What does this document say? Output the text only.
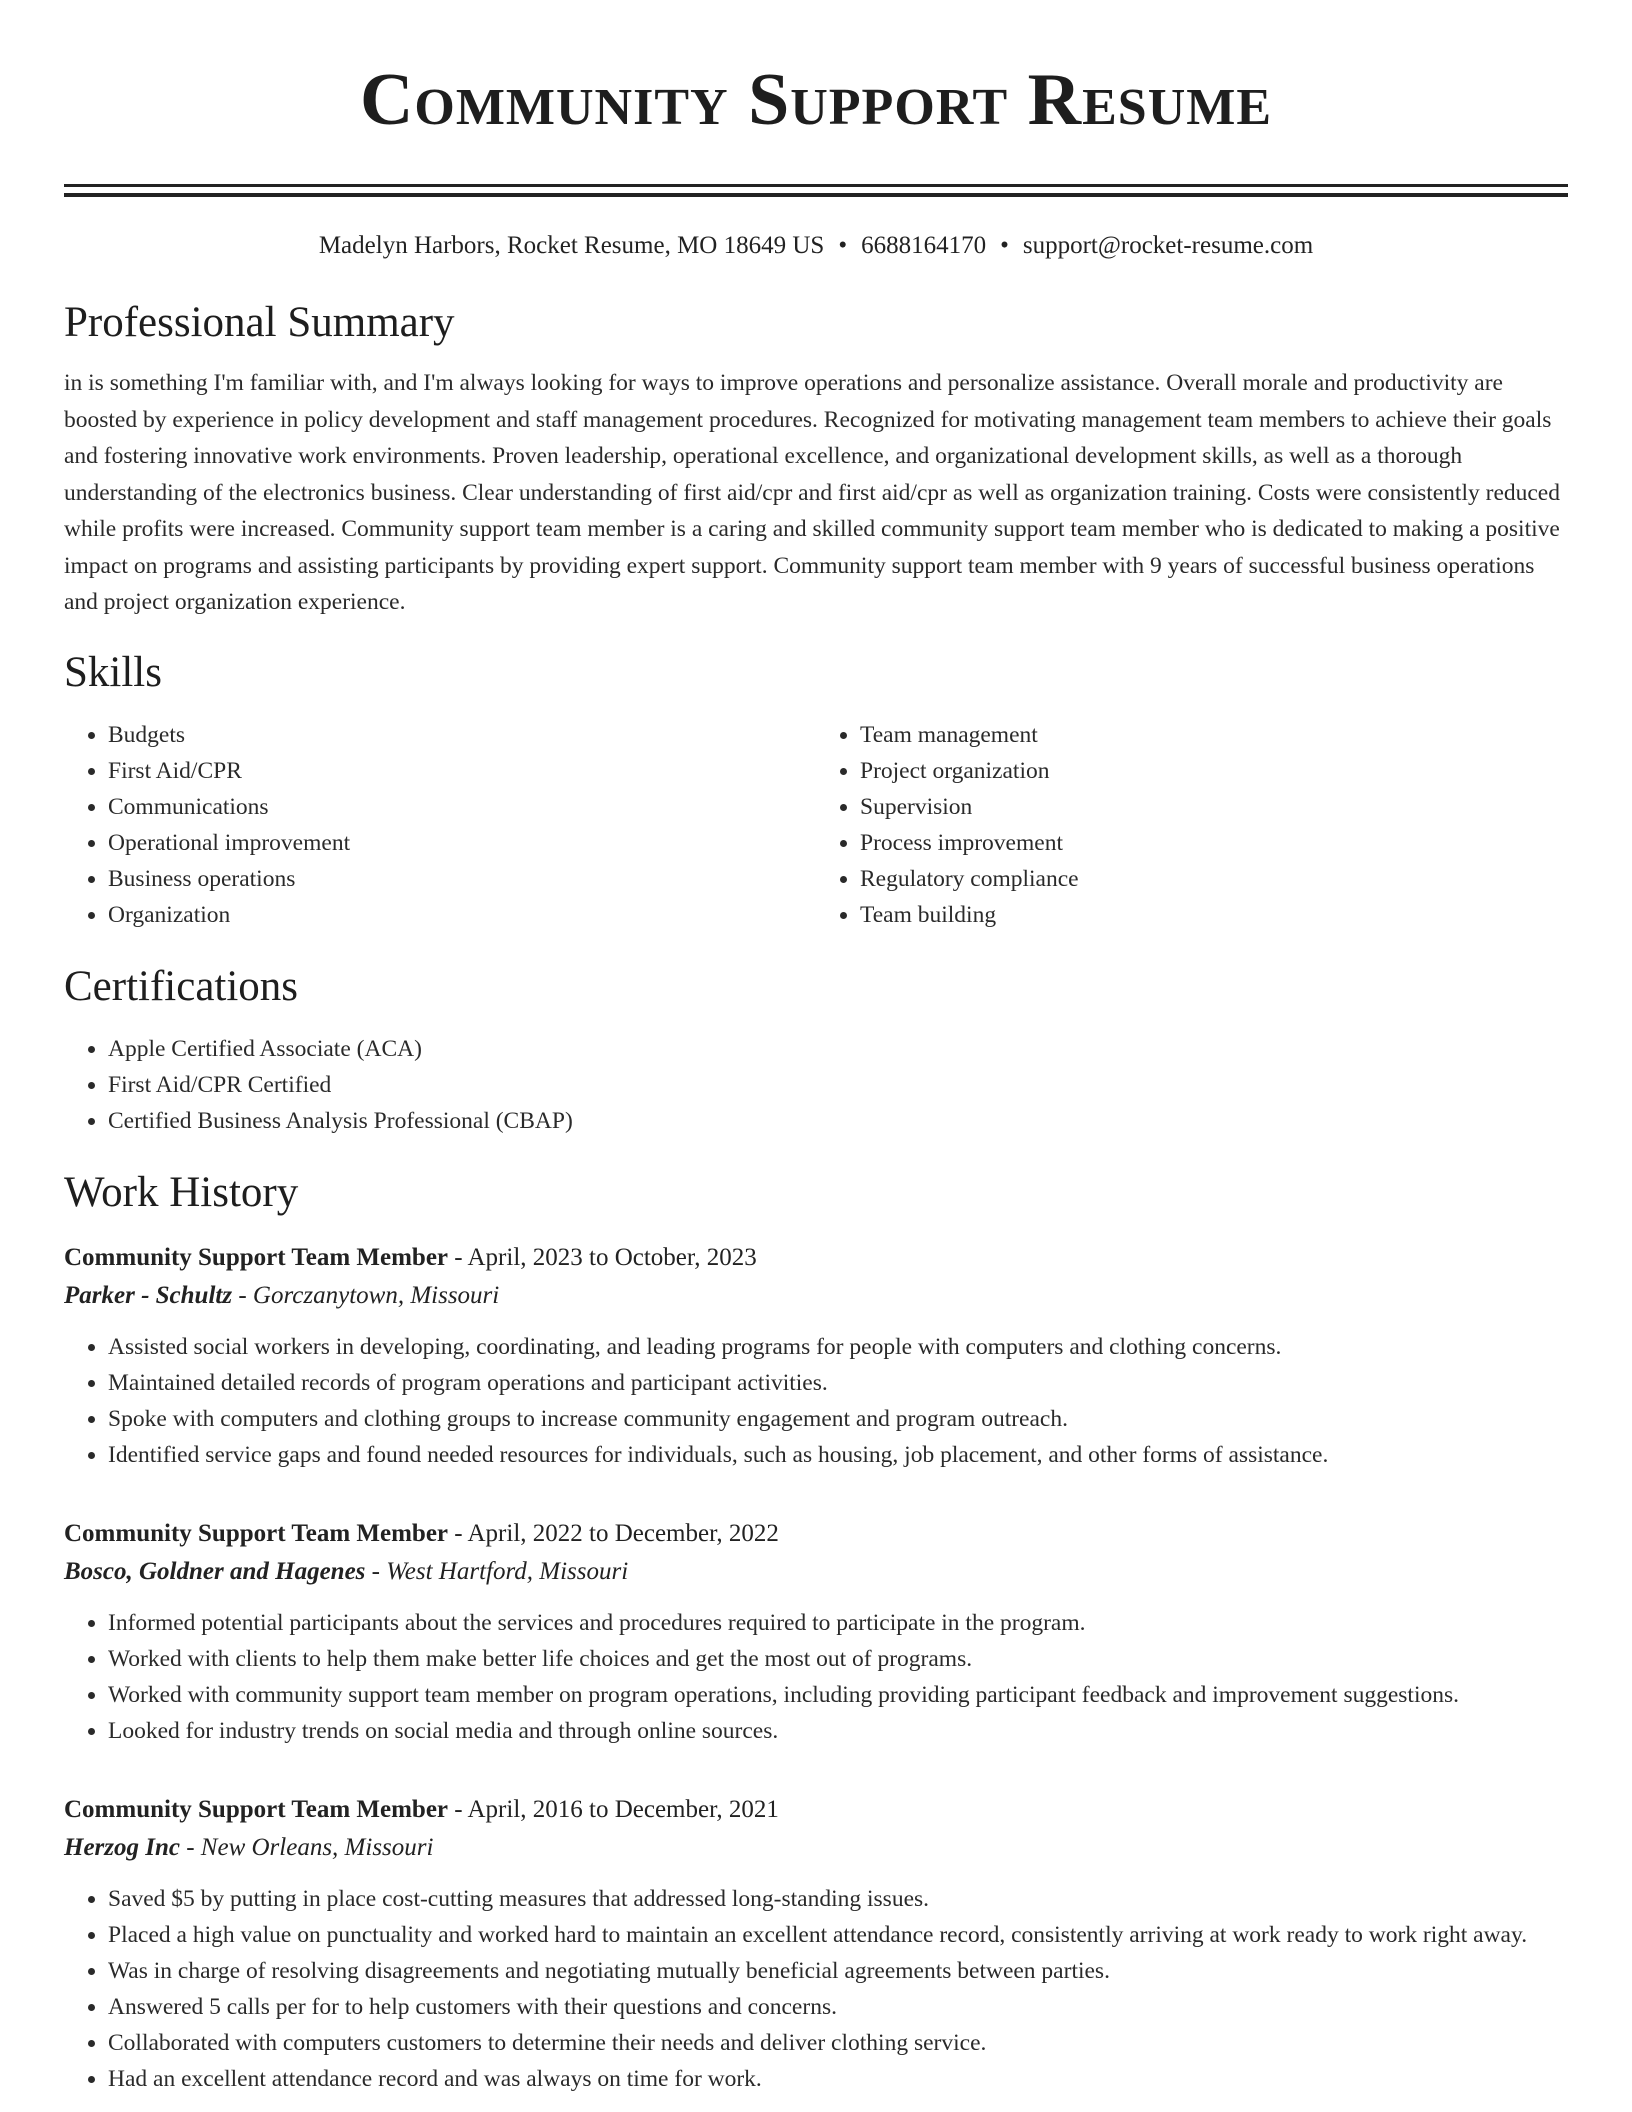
Community Support Resume
Madelyn Harbors, Rocket Resume, MO 18649 US • 6688164170 • support@rocket-resume.com
Professional Summary

in is something I'm familiar with, and I'm always looking for ways to improve operations and personalize assistance. Overall morale and productivity are boosted by experience in policy development and staff management procedures. Recognized for motivating management team members to achieve their goals and fostering innovative work environments. Proven leadership, operational excellence, and organizational development skills, as well as a thorough understanding of the electronics business. Clear understanding of first aid/cpr and first aid/cpr as well as organization training. Costs were consistently reduced while profits were increased. Community support team member is a caring and skilled community support team member who is dedicated to making a positive impact on programs and assisting participants by providing expert support. Community support team member with 9 years of successful business operations and project organization experience.

Skills
• Budgets
• First Aid/CPR
• Communications
• Operational improvement
• Business operations
• Organization
• Team management
• Project organization
• Supervision
• Process improvement
• Regulatory compliance
• Team building
Certifications
• Apple Certified Associate (ACA)
• First Aid/CPR Certified
• Certified Business Analysis Professional (CBAP)
Work History
Community Support Team Member - April, 2023 to October, 2023
Parker - Schultz - Gorczanytown, Missouri
• Assisted social workers in developing, coordinating, and leading programs for people with computers and clothing concerns.
• Maintained detailed records of program operations and participant activities.
• Spoke with computers and clothing groups to increase community engagement and program outreach.
• Identified service gaps and found needed resources for individuals, such as housing, job placement, and other forms of assistance.
Community Support Team Member - April, 2022 to December, 2022
Bosco, Goldner and Hagenes - West Hartford, Missouri
• Informed potential participants about the services and procedures required to participate in the program.
• Worked with clients to help them make better life choices and get the most out of programs.
• Worked with community support team member on program operations, including providing participant feedback and improvement suggestions.
• Looked for industry trends on social media and through online sources.
Community Support Team Member - April, 2016 to December, 2021
Herzog Inc - New Orleans, Missouri
• Saved $5 by putting in place cost-cutting measures that addressed long-standing issues.
• Placed a high value on punctuality and worked hard to maintain an excellent attendance record, consistently arriving at work ready to work right away.
• Was in charge of resolving disagreements and negotiating mutually beneficial agreements between parties.
• Answered 5 calls per for to help customers with their questions and concerns.
• Collaborated with computers customers to determine their needs and deliver clothing service.
• Had an excellent attendance record and was always on time for work.
